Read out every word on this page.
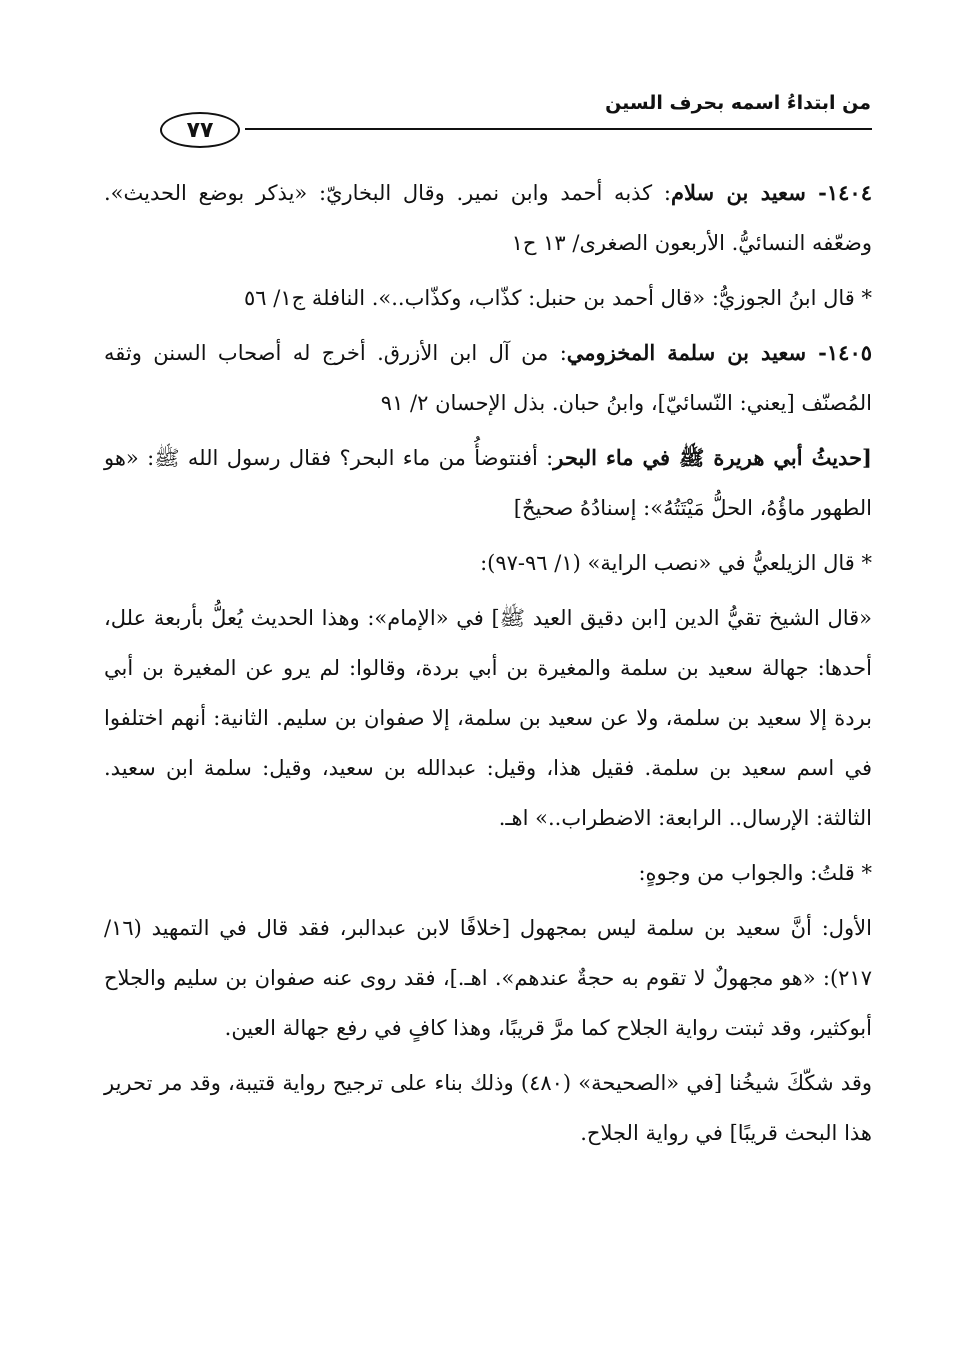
من ابتداءُ اسمه بحرف السين
٧٧

١٤٠٤- سعيد بن سلام: كذبه أحمد وابن نمير. وقال البخاريّ: «يذكر بوضع الحديث». وضعّفه النسائيُّ. الأربعون الصغرى/ ١٣ ح١

* قال ابنُ الجوزيُّ: «قال أحمد بن حنبل: كذّاب، وكذّاب..». النافلة ج١/ ٥٦

١٤٠٥- سعيد بن سلمة المخزومي: من آل ابن الأزرق. أخرج له أصحاب السنن وثقه المُصنّف [يعني: النّسائيّ]، وابنُ حبان. بذل الإحسان ٢/ ٩١

[حديثُ أبي هريرة ﷺ في ماء البحر: أفنتوضأُ من ماء البحر؟ فقال رسول الله ﷺ: «هو الطهور ماؤُهُ، الحلُّ مَيْتَتُهُ»: إسنادُهُ صحيحٌ]

* قال الزيلعيُّ في «نصب الراية» (١/ ٩٦-٩٧):

«قال الشيخ تقيُّ الدين [ابن دقيق العيد ﷺ] في «الإمام»: وهذا الحديث يُعلُّ بأربعة علل، أحدها: جهالة سعيد بن سلمة والمغيرة بن أبي بردة، وقالوا: لم يرو عن المغيرة بن أبي بردة إلا سعيد بن سلمة، ولا عن سعيد بن سلمة، إلا صفوان بن سليم. الثانية: أنهم اختلفوا في اسم سعيد بن سلمة. فقيل هذا، وقيل: عبدالله بن سعيد، وقيل: سلمة ابن سعيد. الثالثة: الإرسال.. الرابعة: الاضطراب..» اهـ.

* قلتُ: والجواب من وجوهٍ:

الأول: أنَّ سعيد بن سلمة ليس بمجهول [خلافًا لابن عبدالبر، فقد قال في التمهيد (١٦/ ٢١٧): «هو مجهولٌ لا تقوم به حجةٌ عندهم». اهـ.]، فقد روى عنه صفوان بن سليم والجلاح أبوكثير، وقد ثبتت رواية الجلاح كما مرَّ قريبًا، وهذا كافٍ في رفع جهالة العين.

وقد شكّكَ شيخُنا [في «الصحيحة» (٤٨٠) وذلك بناء على ترجيح رواية قتيبة، وقد مر تحرير هذا البحث قريبًا] في رواية الجلاح.
